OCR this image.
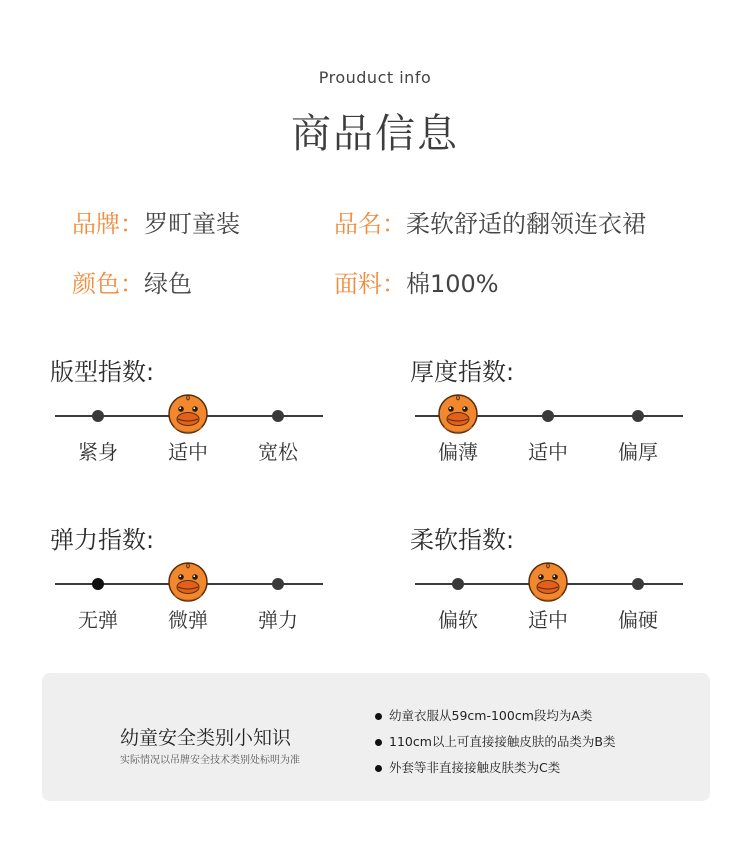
Prouduct info
商品信息
品牌：罗町童装	品名：柔软舒适的翻领连衣裙
颜色：绿色	面料：棉100%
版型指数:
紧身	适中	宽松
厚度指数:
偏薄	适中	偏厚
弹力指数:
无弹	微弹	弹力
柔软指数:
偏软	适中	偏硬
幼童安全类别小知识
实际情况以吊牌安全技术类别处标明为准
幼童衣服从59cm-100cm段均为A类
110cm以上可直接接触皮肤的品类为B类
外套等非直接接触皮肤类为C类
